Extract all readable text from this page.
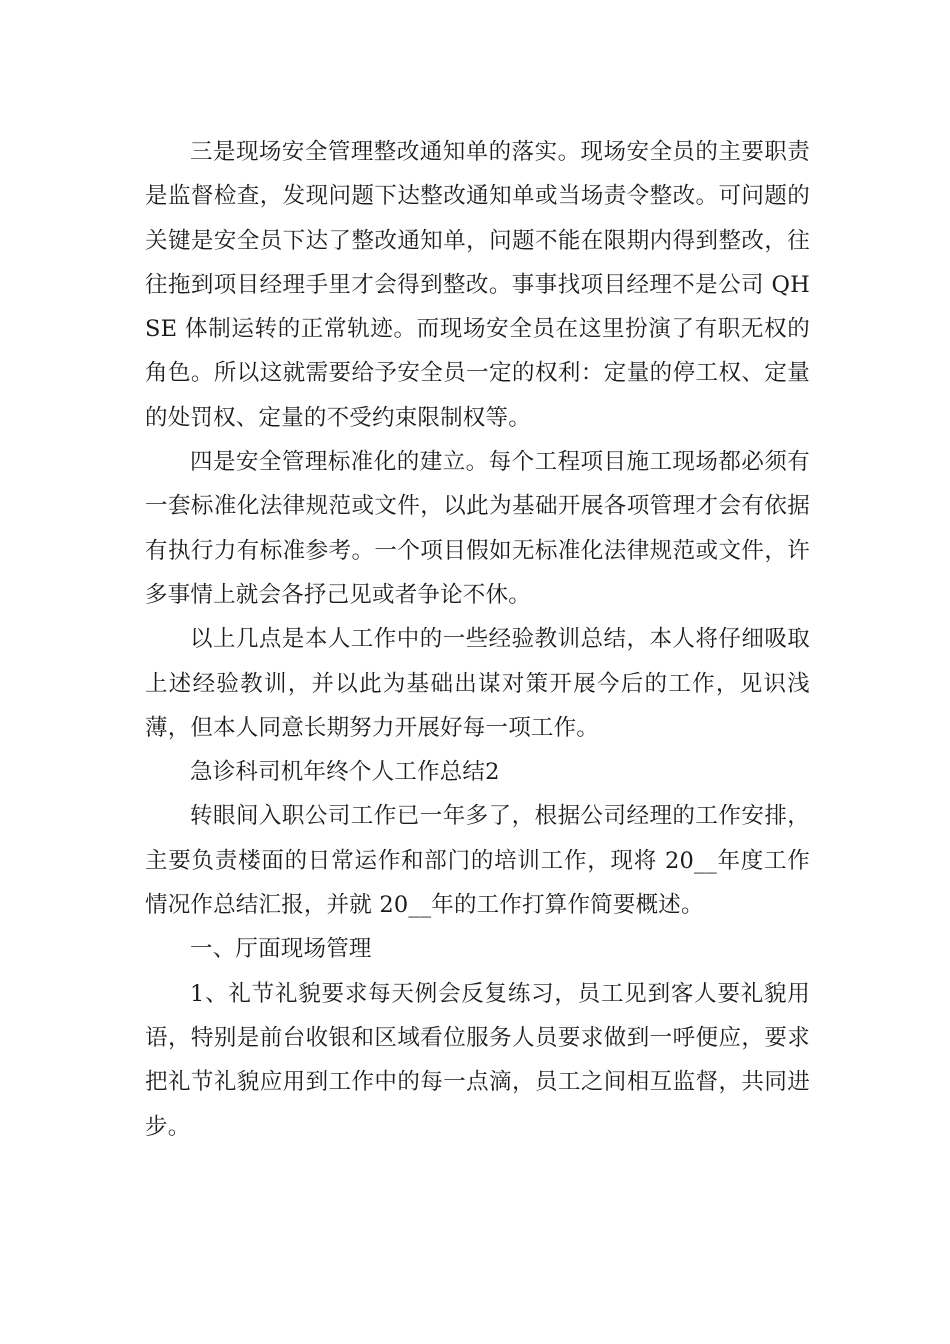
三是现场安全管理整改通知单的落实。现场安全员的主要职责是监督检查，发现问题下达整改通知单或当场责令整改。可问题的关键是安全员下达了整改通知单，问题不能在限期内得到整改，往往拖到项目经理手里才会得到整改。事事找项目经理不是公司 QHSE 体制运转的正常轨迹。而现场安全员在这里扮演了有职无权的角色。所以这就需要给予安全员一定的权利：定量的停工权、定量的处罚权、定量的不受约束限制权等。

四是安全管理标准化的建立。每个工程项目施工现场都必须有一套标准化法律规范或文件，以此为基础开展各项管理才会有依据有执行力有标准参考。一个项目假如无标准化法律规范或文件，许多事情上就会各抒己见或者争论不休。

以上几点是本人工作中的一些经验教训总结，本人将仔细吸取上述经验教训，并以此为基础出谋对策开展今后的工作，见识浅薄，但本人同意长期努力开展好每一项工作。

急诊科司机年终个人工作总结2

转眼间入职公司工作已一年多了，根据公司经理的工作安排，主要负责楼面的日常运作和部门的培训工作，现将 20__年度工作情况作总结汇报，并就 20__年的工作打算作简要概述。

一、厅面现场管理

1、礼节礼貌要求每天例会反复练习，员工见到客人要礼貌用语，特别是前台收银和区域看位服务人员要求做到一呼便应，要求把礼节礼貌应用到工作中的每一点滴，员工之间相互监督，共同进步。
